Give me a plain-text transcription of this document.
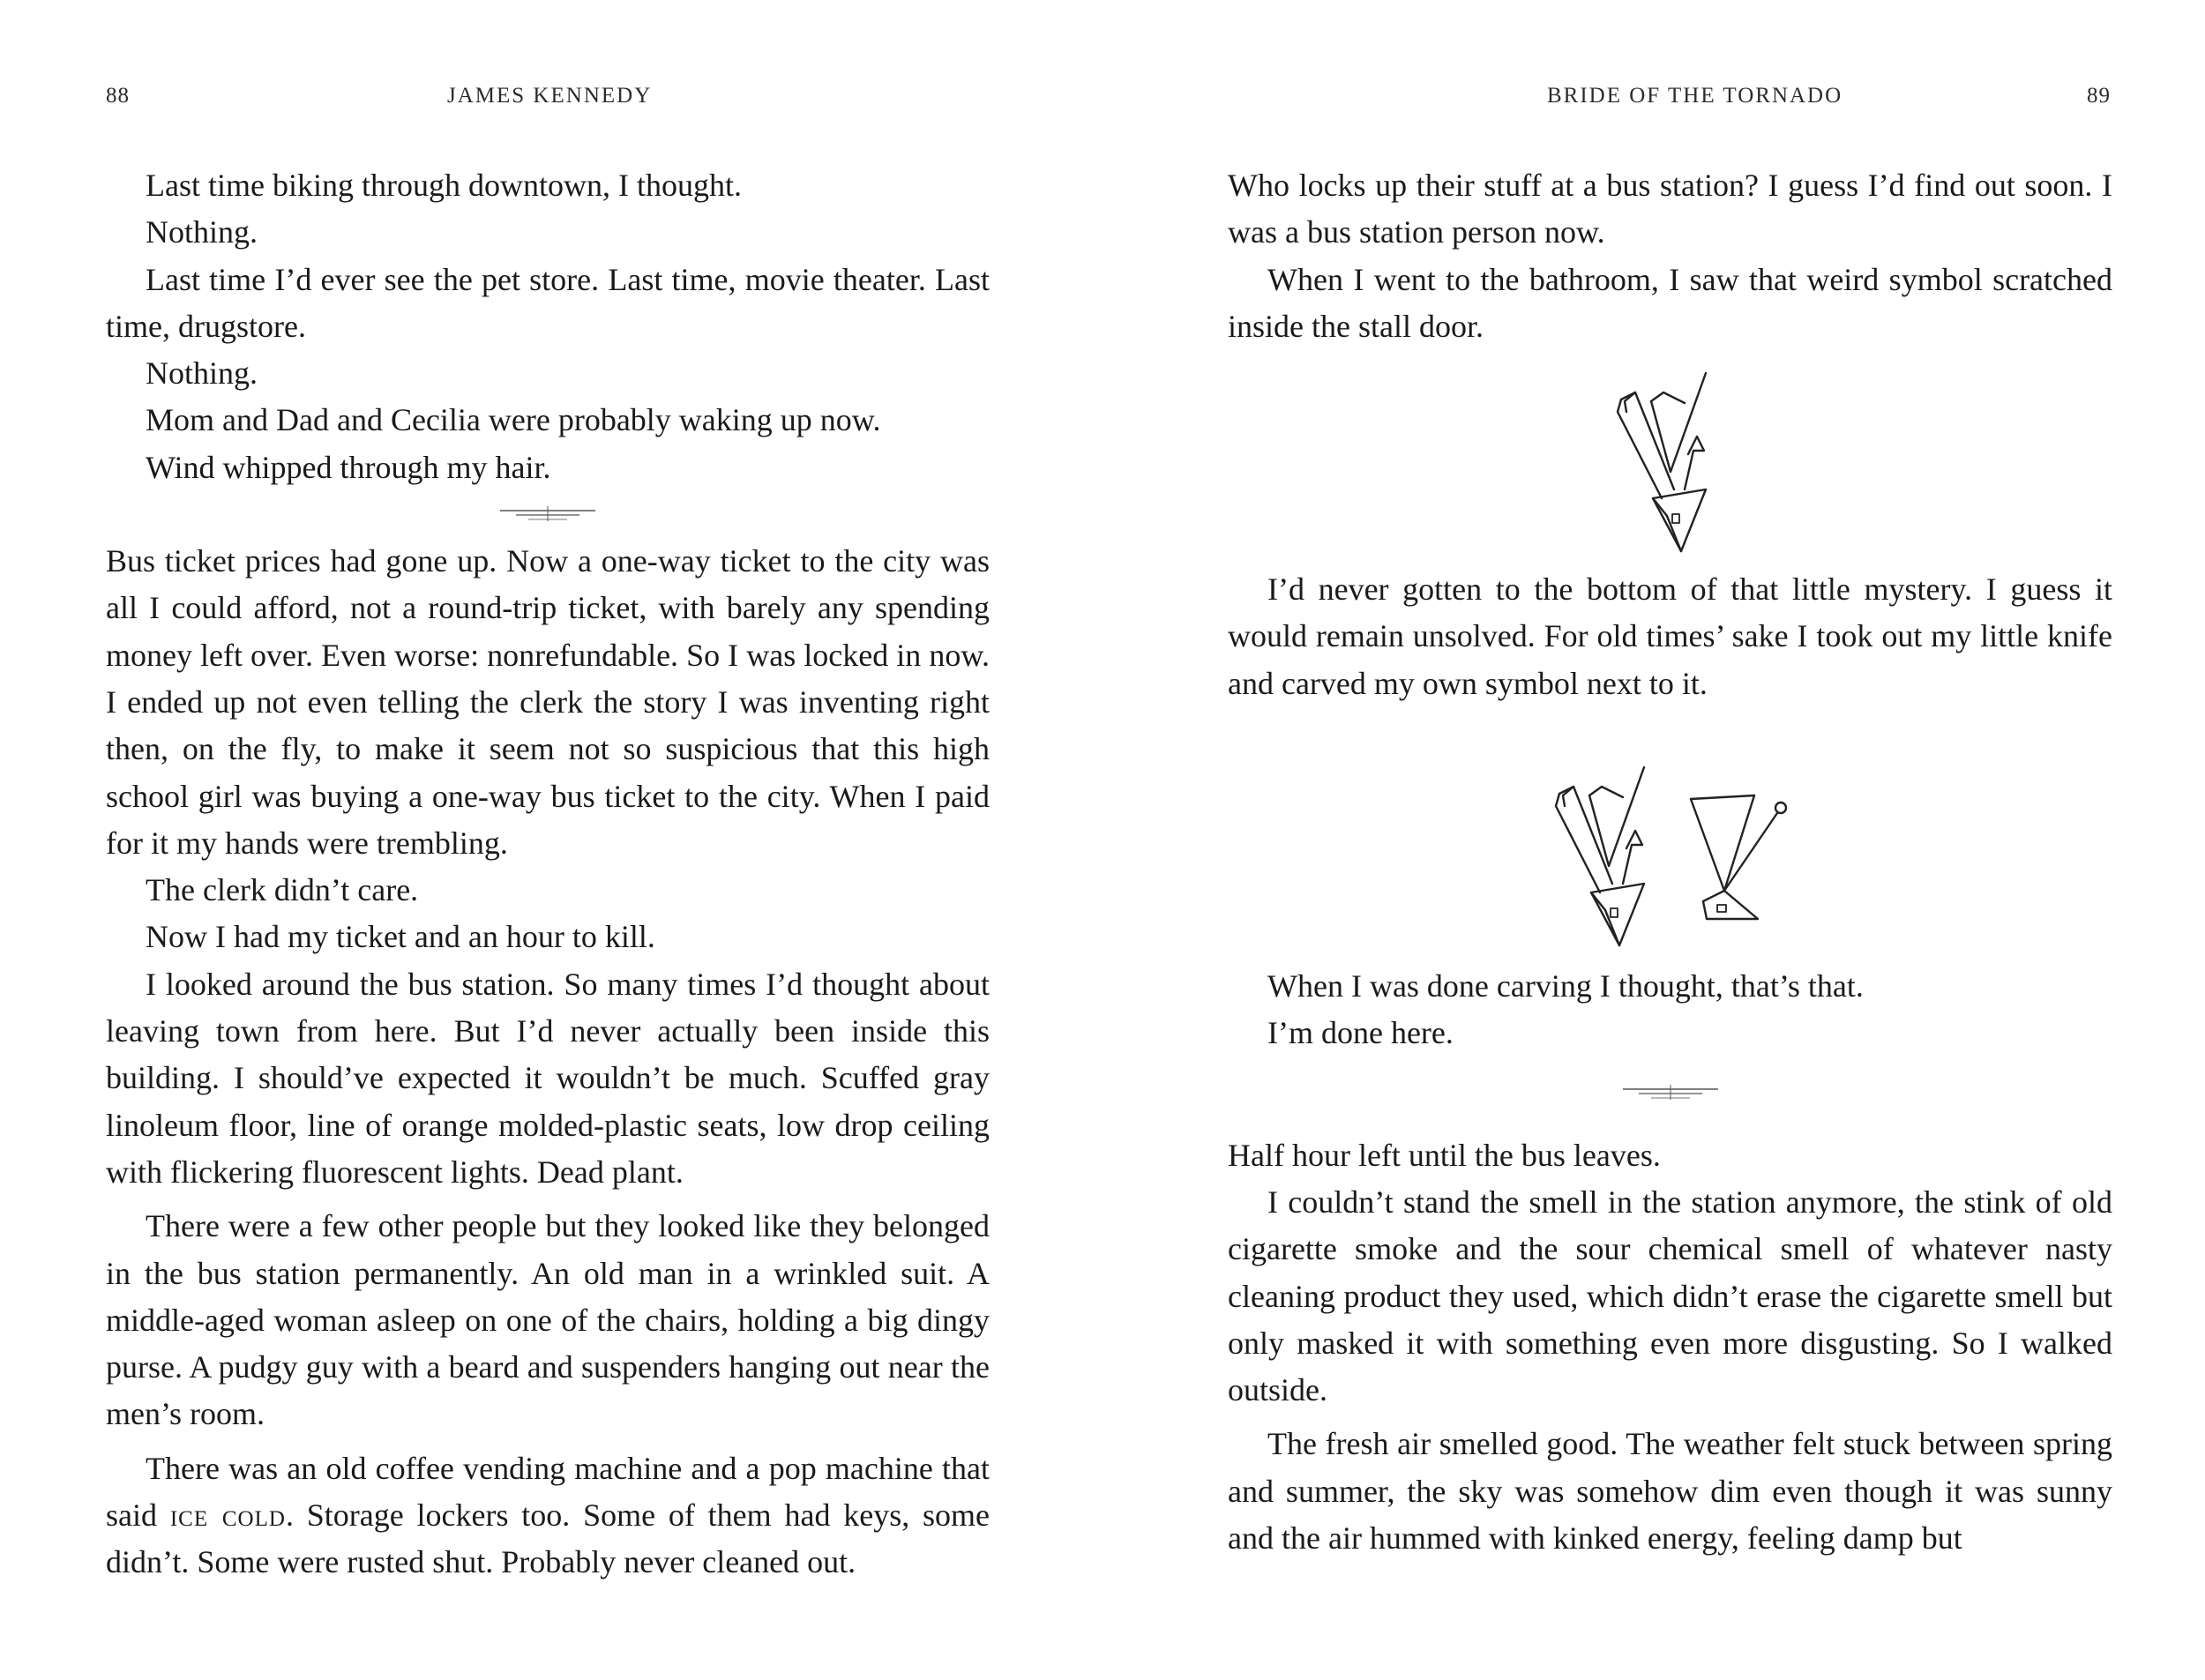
88	JAMES KENNEDY

Last time biking through downtown, I thought.

Nothing.

Last time I’d ever see the pet store. Last time, movie theater. Last time, drugstore.

Nothing.

Mom and Dad and Cecilia were probably waking up now.

Wind whipped through my hair.

Bus ticket prices had gone up. Now a one-way ticket to the city was all I could afford, not a round-trip ticket, with barely any spending money left over. Even worse: nonrefundable. So I was locked in now. I ended up not even telling the clerk the story I was inventing right then, on the fly, to make it seem not so suspicious that this high school girl was buying a one-way bus ticket to the city. When I paid for it my hands were trembling.

The clerk didn’t care.

Now I had my ticket and an hour to kill.

I looked around the bus station. So many times I’d thought about leaving town from here. But I’d never actually been inside this building. I should’ve expected it wouldn’t be much. Scuffed gray linoleum floor, line of orange molded-plastic seats, low drop ceiling with flickering fluorescent lights. Dead plant.

There were a few other people but they looked like they belonged in the bus station permanently. An old man in a wrinkled suit. A middle-aged woman asleep on one of the chairs, holding a big dingy purse. A pudgy guy with a beard and suspenders hanging out near the men’s room.

There was an old coffee vending machine and a pop machine that said ice cold. Storage lockers too. Some of them had keys, some didn’t. Some were rusted shut. Probably never cleaned out.

BRIDE OF THE TORNADO	89

Who locks up their stuff at a bus station? I guess I’d find out soon. I was a bus station person now.

When I went to the bathroom, I saw that weird symbol scratched inside the stall door.

I’d never gotten to the bottom of that little mystery. I guess it would remain unsolved. For old times’ sake I took out my little knife and carved my own symbol next to it.

When I was done carving I thought, that’s that.

I’m done here.

Half hour left until the bus leaves.

I couldn’t stand the smell in the station anymore, the stink of old cigarette smoke and the sour chemical smell of whatever nasty cleaning product they used, which didn’t erase the cigarette smell but only masked it with something even more disgusting. So I walked outside.

The fresh air smelled good. The weather felt stuck between spring and summer, the sky was somehow dim even though it was sunny and the air hummed with kinked energy, feeling damp but
